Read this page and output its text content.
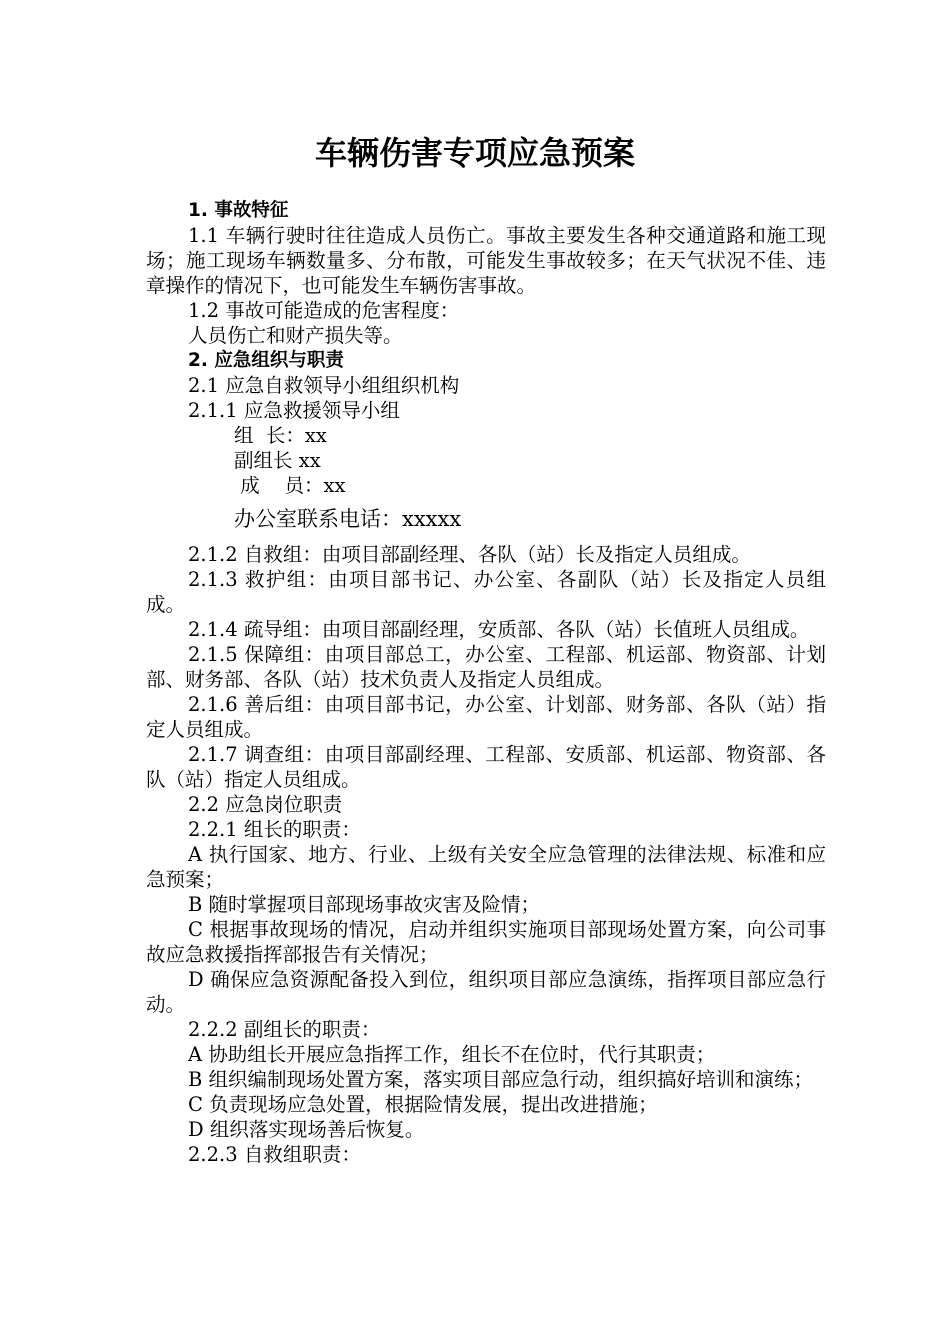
车辆伤害专项应急预案

1. 事故特征

1.1 车辆行驶时往往造成人员伤亡。事故主要发生各种交通道路和施工现场；施工现场车辆数量多、分布散，可能发生事故较多；在天气状况不佳、违章操作的情况下，也可能发生车辆伤害事故。

1.2 事故可能造成的危害程度：

人员伤亡和财产损失等。

2. 应急组织与职责

2.1 应急自救领导小组组织机构

2.1.1 应急救援领导小组

组  长：xx

副组长 xx

成    员：xx

办公室联系电话：xxxxx

2.1.2 自救组：由项目部副经理、各队（站）长及指定人员组成。

2.1.3 救护组：由项目部书记、办公室、各副队（站）长及指定人员组成。

2.1.4 疏导组：由项目部副经理，安质部、各队（站）长值班人员组成。

2.1.5 保障组：由项目部总工，办公室、工程部、机运部、物资部、计划部、财务部、各队（站）技术负责人及指定人员组成。

2.1.6 善后组：由项目部书记，办公室、计划部、财务部、各队（站）指定人员组成。

2.1.7 调查组：由项目部副经理、工程部、安质部、机运部、物资部、各队（站）指定人员组成。

2.2 应急岗位职责

2.2.1 组长的职责：

A 执行国家、地方、行业、上级有关安全应急管理的法律法规、标准和应急预案；

B 随时掌握项目部现场事故灾害及险情；

C 根据事故现场的情况，启动并组织实施项目部现场处置方案，向公司事故应急救援指挥部报告有关情况；

D 确保应急资源配备投入到位，组织项目部应急演练，指挥项目部应急行动。

2.2.2 副组长的职责：

A 协助组长开展应急指挥工作，组长不在位时，代行其职责；

B 组织编制现场处置方案，落实项目部应急行动，组织搞好培训和演练；

C 负责现场应急处置，根据险情发展，提出改进措施；

D 组织落实现场善后恢复。

2.2.3 自救组职责：
